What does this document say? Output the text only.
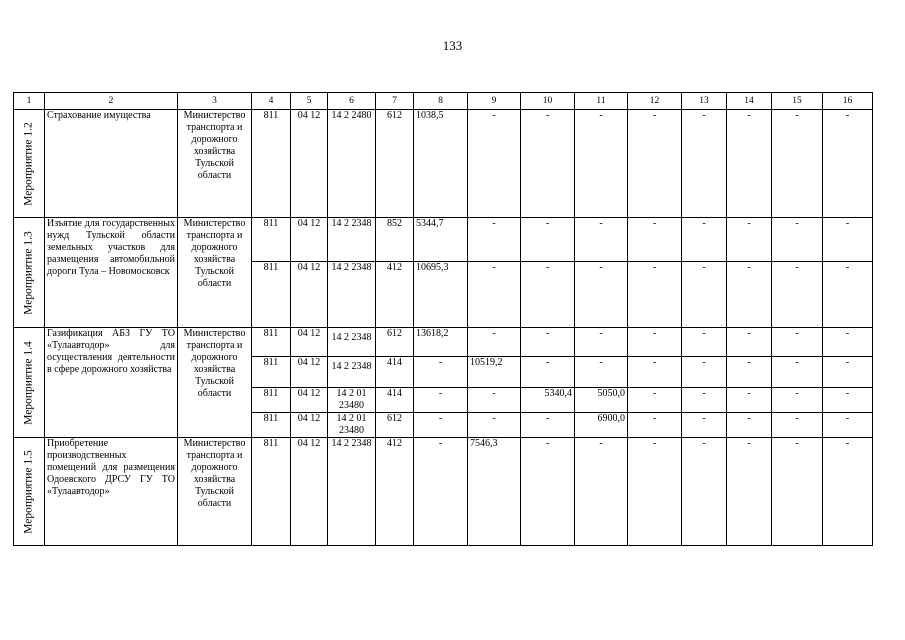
133
1	2	3	4	5	6	7	8	9	10	11	12	13	14	15	16

Мероприятие 1.2	Страхование имущества	Министерство транспорта и дорожного хозяйства Тульской области	811	04 12	14 2 2480	612	1038,5	-	-	-	-	-	-	-	-

Мероприятие 1.3	Изъятие для государственных нужд Тульской области земельных участков для размещения автомобильной дороги Тула – Новомосковск	Министерство транспорта и дорожного хозяйства Тульской области	811	04 12	14 2 2348	852	5344,7	-	-	-	-	-	-	-	-
			811	04 12	14 2 2348	412	10695,3	-	-	-	-	-	-	-	-

Мероприятие 1.4	Газификация АБЗ ГУ ТО «Тулаавтодор» для осуществления деятельности в сфере дорожного хозяйства	Министерство транспорта и дорожного хозяйства Тульской области	811	04 12	14 2 2348	612	13618,2	-	-	-	-	-	-	-	-
			811	04 12	14 2 2348	414	-	10519,2	-	-	-	-	-	-	-
			811	04 12	14 2 01 23480	414	-	-	5340,4	5050,0	-	-	-	-	-
			811	04 12	14 2 01 23480	612	-	-	-	6900,0	-	-	-	-	-

Мероприятие 1.5	Приобретение производственных помещений для размещения Одоевского ДРСУ ГУ ТО «Тулаавтодор»	Министерство транспорта и дорожного хозяйства Тульской области	811	04 12	14 2 2348	412	-	7546,3	-	-	-	-	-	-	-
